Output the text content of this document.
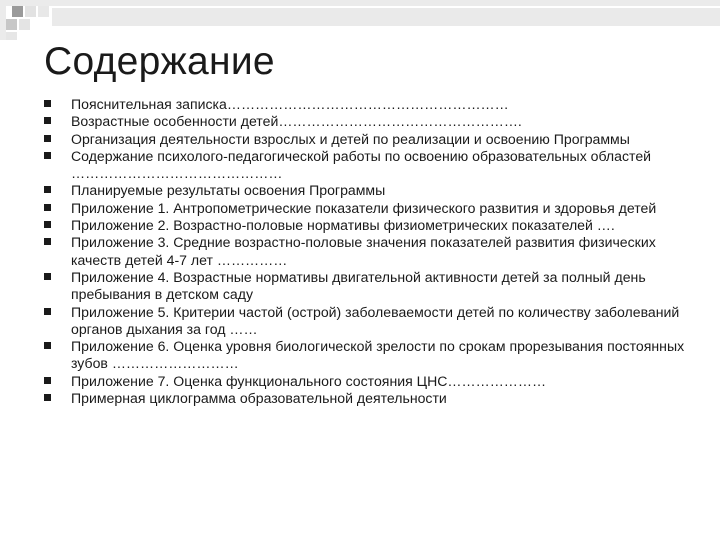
Содержание
Пояснительная записка……………………………………………………
Возрастные особенности детей…………………………………………….
Организация деятельности взрослых и детей по реализации и освоению Программы
Содержание психолого-педагогической работы по освоению образовательных областей ………………………………………
Планируемые результаты освоения Программы
Приложение 1. Антропометрические показатели физического развития и здоровья детей
Приложение 2. Возрастно-половые нормативы физиометрических показателей ….
Приложение 3. Средние возрастно-половые значения показателей развития физических качеств детей 4-7 лет ……………
Приложение 4. Возрастные нормативы двигательной активности детей за полный день пребывания в детском саду
Приложение 5. Критерии частой (острой) заболеваемости детей по количеству заболеваний органов дыхания за год ……
Приложение 6. Оценка уровня биологической зрелости по срокам прорезывания постоянных зубов ………………………
Приложение 7. Оценка функционального состояния ЦНС…………………
Примерная циклограмма образовательной деятельности
